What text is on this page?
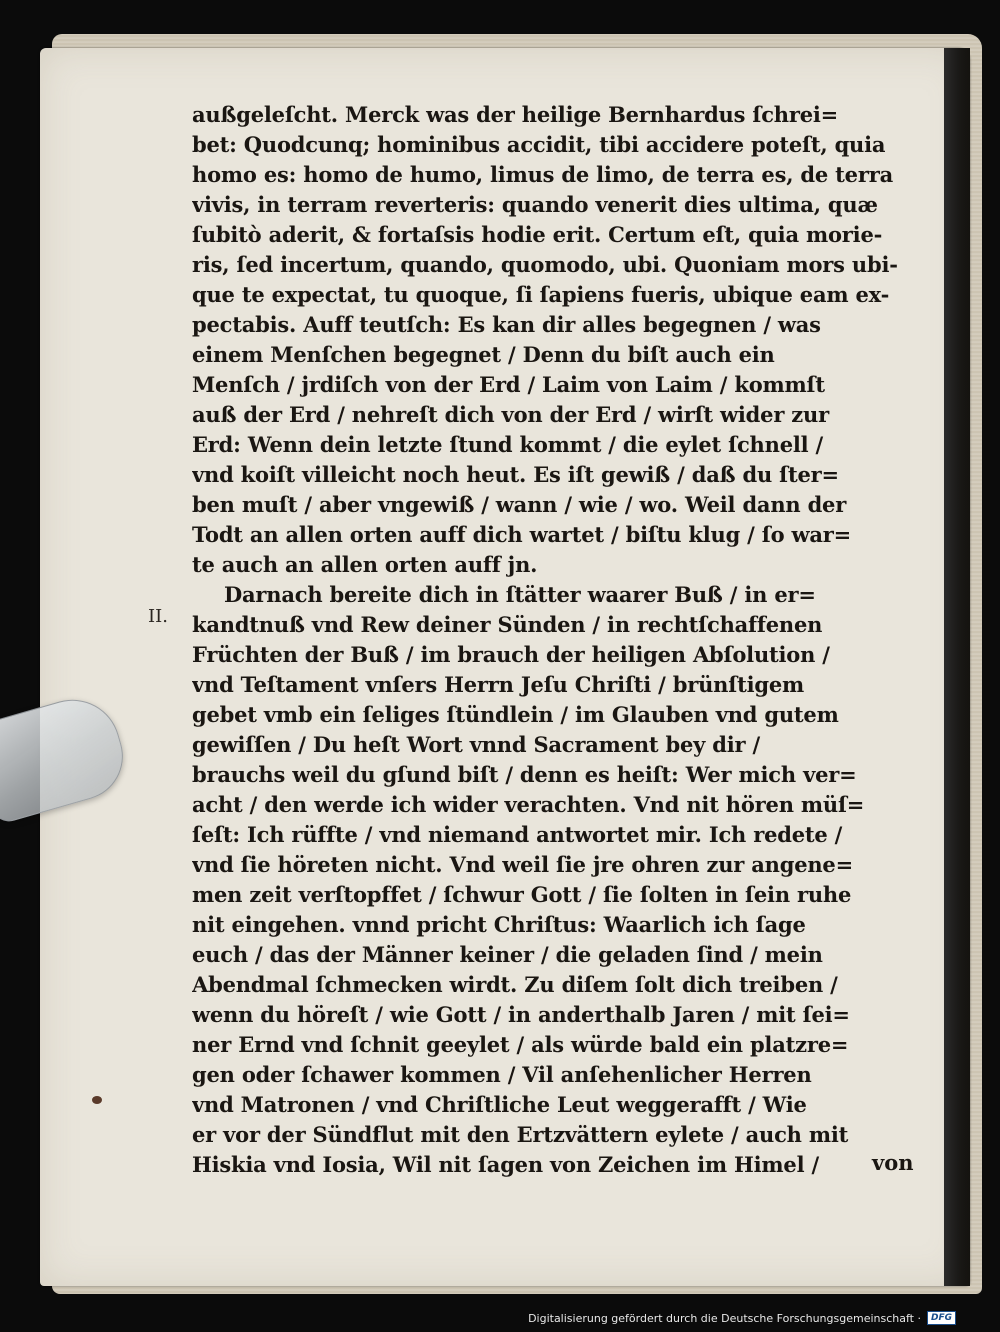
II.
außgeleſcht. Merck was der heilige Bernhardus ſchrei=
bet: Quodcunq; hominibus accidit, tibi accidere poteſt, quia
homo es: homo de humo, limus de limo, de terra es, de terra
vivis, in terram reverteris: quando venerit dies ultima, quæ
ſubitò aderit, & fortaſsis hodie erit. Certum eſt, quia morie-
ris, ſed incertum, quando, quomodo, ubi. Quoniam mors ubi-
que te expectat, tu quoque, ſi ſapiens fueris, ubique eam ex-
pectabis. Auff teutſch: Es kan dir alles begegnen / was
einem Menſchen begegnet / Denn du biſt auch ein
Menſch / jrdiſch von der Erd / Laim von Laim / kommſt
auß der Erd / nehreſt dich von der Erd / wirſt wider zur
Erd: Wenn dein letzte ſtund kommt / die eylet ſchnell /
vnd koiſt villeicht noch heut. Es iſt gewiß / daß du ſter=
ben muſt / aber vngewiß / wann / wie / wo. Weil dann der
Todt an allen orten auff dich wartet / biſtu klug / ſo war=
te auch an allen orten auff jn.
Darnach bereite dich in ſtätter waarer Buß / in er=
kandtnuß vnd Rew deiner Sünden / in rechtſchaffenen
Früchten der Buß / im brauch der heiligen Abſolution /
vnd Teſtament vnſers Herrn Jeſu Chriſti / brünſtigem
gebet vmb ein ſeliges ſtündlein / im Glauben vnd gutem
gewiſſen / Du heſt Wort vnnd Sacrament bey dir /
brauchs weil du gſund biſt / denn es heiſt: Wer mich ver=
acht / den werde ich wider verachten. Vnd nit hören müſ=
ſeſt: Ich rüffte / vnd niemand antwortet mir. Ich redete /
vnd ſie höreten nicht. Vnd weil ſie jre ohren zur angene=
men zeit verſtopffet / ſchwur Gott / ſie ſolten in ſein ruhe
nit eingehen. vnnd pricht Chriſtus: Waarlich ich ſage
euch / das der Männer keiner / die geladen ſind / mein
Abendmal ſchmecken wirdt. Zu diſem ſolt dich treiben /
wenn du höreſt / wie Gott / in anderthalb Jaren / mit ſei=
ner Ernd vnd ſchnit geeylet / als würde bald ein platzre=
gen oder ſchawer kommen / Vil anſehenlicher Herren
vnd Matronen / vnd Chriſtliche Leut weggerafft / Wie
er vor der Sündflut mit den Ertzvättern eylete / auch mit
Hiskia vnd Iosia, Wil nit ſagen von Zeichen im Himel /	von
Digitalisierung gefördert durch die Deutsche Forschungsgemeinschaft ·	DFG
